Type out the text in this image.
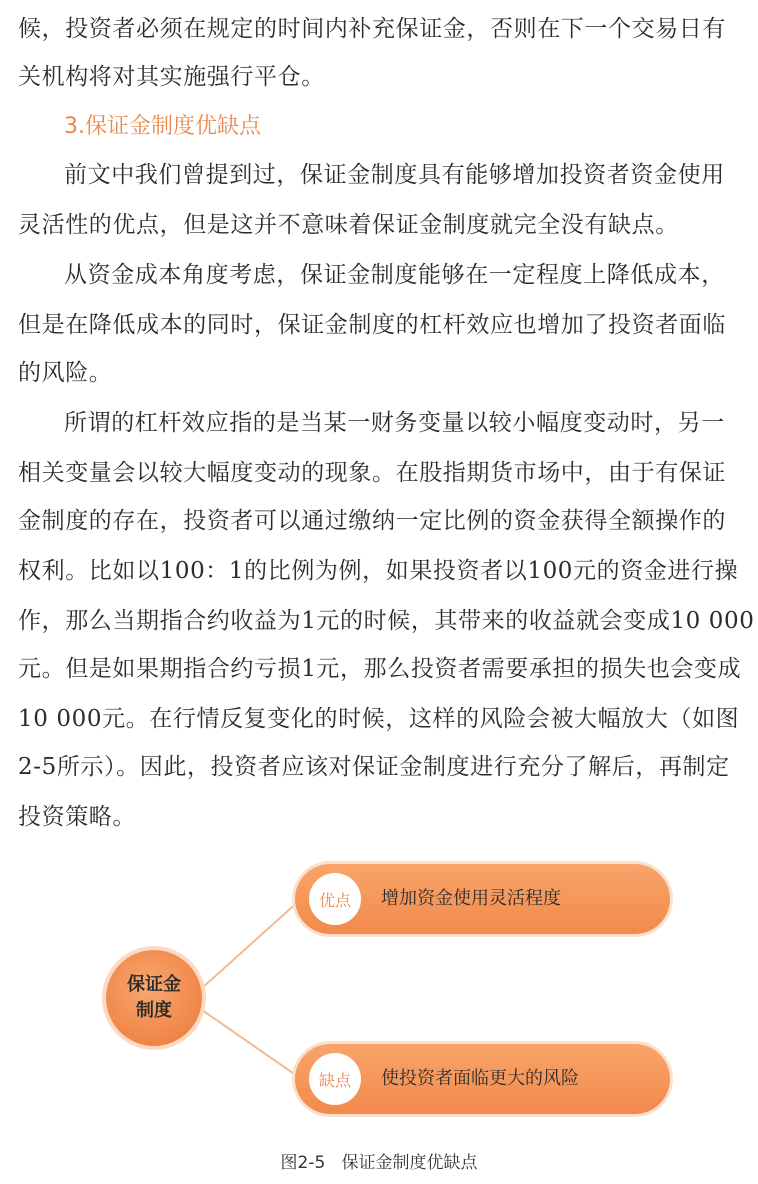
候，投资者必须在规定的时间内补充保证金，否则在下一个交易日有
关机构将对其实施强行平仓。
3.保证金制度优缺点
前文中我们曾提到过，保证金制度具有能够增加投资者资金使用
灵活性的优点，但是这并不意味着保证金制度就完全没有缺点。
从资金成本角度考虑，保证金制度能够在一定程度上降低成本，
但是在降低成本的同时，保证金制度的杠杆效应也增加了投资者面临
的风险。
所谓的杠杆效应指的是当某一财务变量以较小幅度变动时，另一
相关变量会以较大幅度变动的现象。在股指期货市场中，由于有保证
金制度的存在，投资者可以通过缴纳一定比例的资金获得全额操作的
权利。比如以100：1的比例为例，如果投资者以100元的资金进行操
作，那么当期指合约收益为1元的时候，其带来的收益就会变成10 000
元。但是如果期指合约亏损1元，那么投资者需要承担的损失也会变成
10 000元。在行情反复变化的时候，这样的风险会被大幅放大（如图
2-5所示）。因此，投资者应该对保证金制度进行充分了解后，再制定
投资策略。
保证金
制度
优点	增加资金使用灵活程度
缺点	使投资者面临更大的风险
图2-5   保证金制度优缺点
